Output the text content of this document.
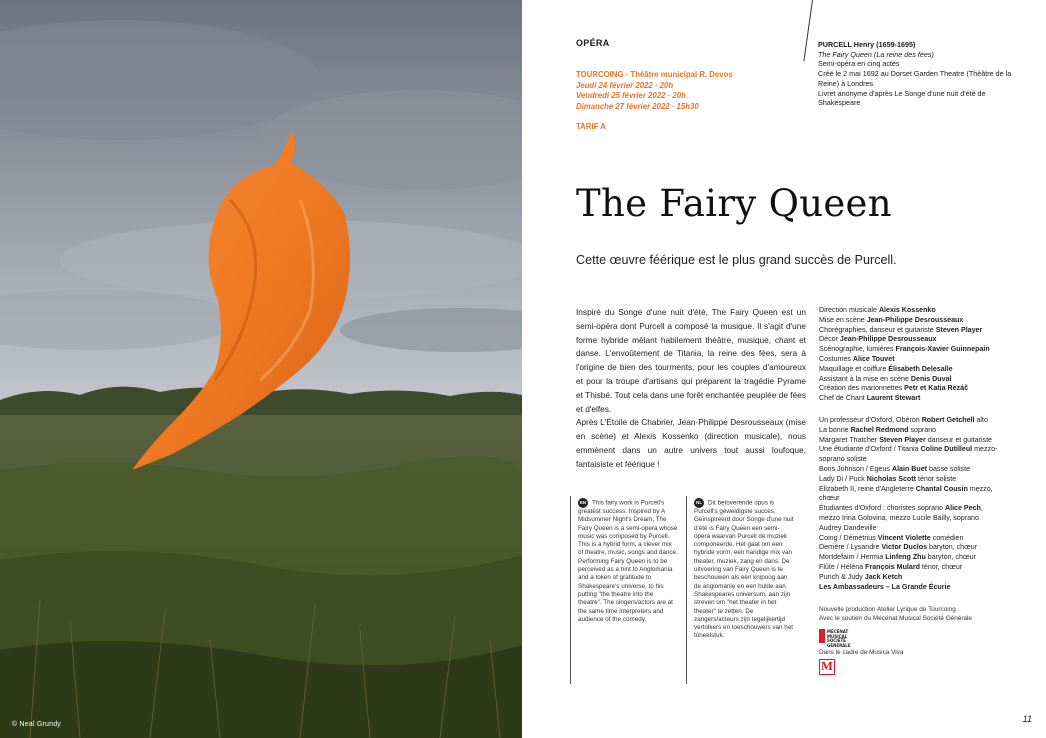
© Neal Grundy
OPÉRA
TOURCOING · Théâtre municipal R. Devos
Jeudi 24 février 2022 · 20h
Vendredi 25 février 2022 · 20h
Dimanche 27 février 2022 · 15h30
TARIF A
PURCELL Henry (1659-1695)
The Fairy Queen (La reine des fées)
Semi-opéra en cinq actes
Créé le 2 mai 1692 au Dorset Garden Theatre (Théâtre de la Reine) à Londres
Livret anonyme d'après Le Songe d'une nuit d'été de Shakespeare
The Fairy Queen
Cette œuvre féérique est le plus grand succès de Purcell.

Inspiré du Songe d'une nuit d'été, The Fairy Queen est un semi-opéra dont Purcell a composé la musique. Il s'agit d'une forme hybride mêlant habilement théâtre, musique, chant et danse. L'envoûtement de Titania, la reine des fées, sera à l'origine de bien des tourments, pour les couples d'amoureux et pour la troupe d'artisans qui préparent la tragédie Pyrame et Thisbé. Tout cela dans une forêt enchantée peuplée de fées et d'elfes.

Après L'Étoile de Chabrier, Jean-Philippe Desrousseaux (mise en scène) et Alexis Kossenko (direction musicale), nous emmènent dans un autre univers tout aussi loufoque, fantaisiste et féérique !

Direction musicale Alexis Kossenko
Mise en scène Jean-Philippe Desrousseaux
Chorégraphies, danseur et guitariste Steven Player
Décor Jean-Philippe Desrousseaux
Scénographie, lumières François-Xavier Guinnepain
Costumes Alice Touvet
Maquillage et coiffure Élisabeth Delesalle
Assistant à la mise en scène Denis Duval
Création des marionnettes Petr et Katia Rezáč
Chef de Chant Laurent Stewart
Un professeur d'Oxford, Obéron Robert Getchell alto
La bonne Rachel Redmond soprano
Margaret Thatcher Steven Player danseur et guitariste
Une étudiante d'Oxford / Titania Coline Dutilleul mezzo-soprano soliste
Boris Johnson / Egeus Alain Buet basse soliste
Lady Di / Puck Nicholas Scott ténor soliste
Elizabeth II, reine d'Angleterre Chantal Cousin mezzo, chœur
Étudiantes d'Oxford : choristes soprano Alice Pech, mezzo Irina Golovina, mezzo Lucile Bailly, soprano Audrey Dandeville
Coing / Démétrius Vincent Violette comédien
Derrière / Lysandre Victor Duclos baryton, chœur
Mortdefaim / Hermia Linfeng Zhu baryton, chœur
Flûte / Héléna François Mulard ténor, chœur
Punch & Judy Jack Ketch
Les Ambassadeurs – La Grande Écurie
EN This fairy work is Purcell's greatest success. Inspired by A Midsummer Night's Dream, The Fairy Queen is a semi-opera whose music was composed by Purcell. This is a hybrid form, a clever mix of theatre, music, songs and dance. Performing Fairy Queen is to be perceived as a hint to Anglomania and a token of gratitude to Shakespeare's universe, to his putting "the theatre into the theatre". The singers/actors are at the same time interpreters and audience of the comedy.
NL Dit betoverende opus is Purcell's geweldigste succes. Geïnspireerd door Songe d'une nuit d'été is Fairy Queen een semi-opera waarvan Purcell de muziek componeerde. Het gaat om een hybride vorm, een handige mix van theater, muziek, zang en dans. De uitvoering van Fairy Queen is te beschouwen als een knipoog aan de anglomanie en een hulde aan Shakespeares universum, aan zijn streven om "het theater in het theater" te zetten. De zangers/acteurs zijn tegelijkertijd vertolkers en toeschouwers van het toneelstuk.
Nouvelle production Atelier Lyrique de Tourcoing
Avec le soutien du Mécénat Musical Société Générale
MÉCÉNAT MUSICAL SOCIÉTÉ GÉNÉRALE
Dans le cadre de Musica Viva
M
11
